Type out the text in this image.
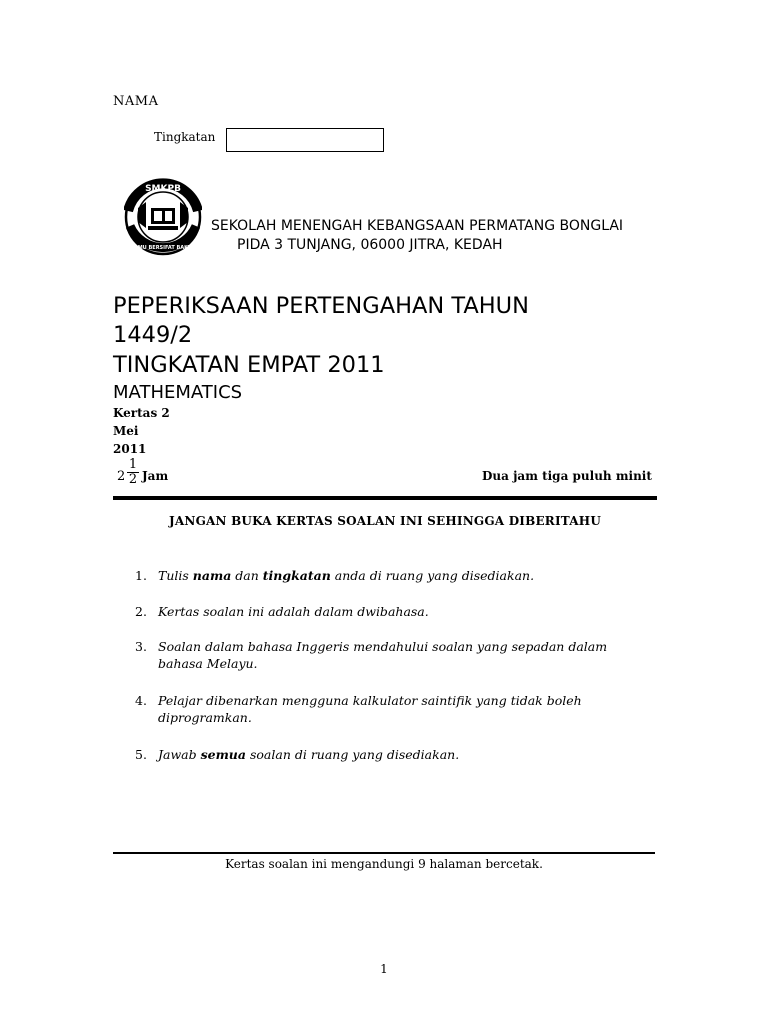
NAMA
Tingkatan
SMKPB
ILMU BERSIFAT BAKTI
SEKOLAH MENENGAH KEBANGSAAN PERMATANG BONGLAI
PIDA 3 TUNJANG, 06000 JITRA, KEDAH
PEPERIKSAAN PERTENGAHAN TAHUN
1449/2
TINGKATAN EMPAT 2011
MATHEMATICS
Kertas 2
Mei
2011
$2 \frac{1}{2}$ Jam	Dua jam tiga puluh minit
JANGAN BUKA KERTAS SOALAN INI SEHINGGA DIBERITAHU
1. Tulis nama dan tingkatan anda di ruang yang disediakan.
2. Kertas soalan ini adalah dalam dwibahasa.
3. Soalan dalam bahasa Inggeris mendahului soalan yang sepadan dalam bahasa Melayu.
4. Pelajar dibenarkan mengguna kalkulator saintifik yang tidak boleh diprogramkan.
5. Jawab semua soalan di ruang yang disediakan.
Kertas soalan ini mengandungi 9 halaman bercetak.
1
